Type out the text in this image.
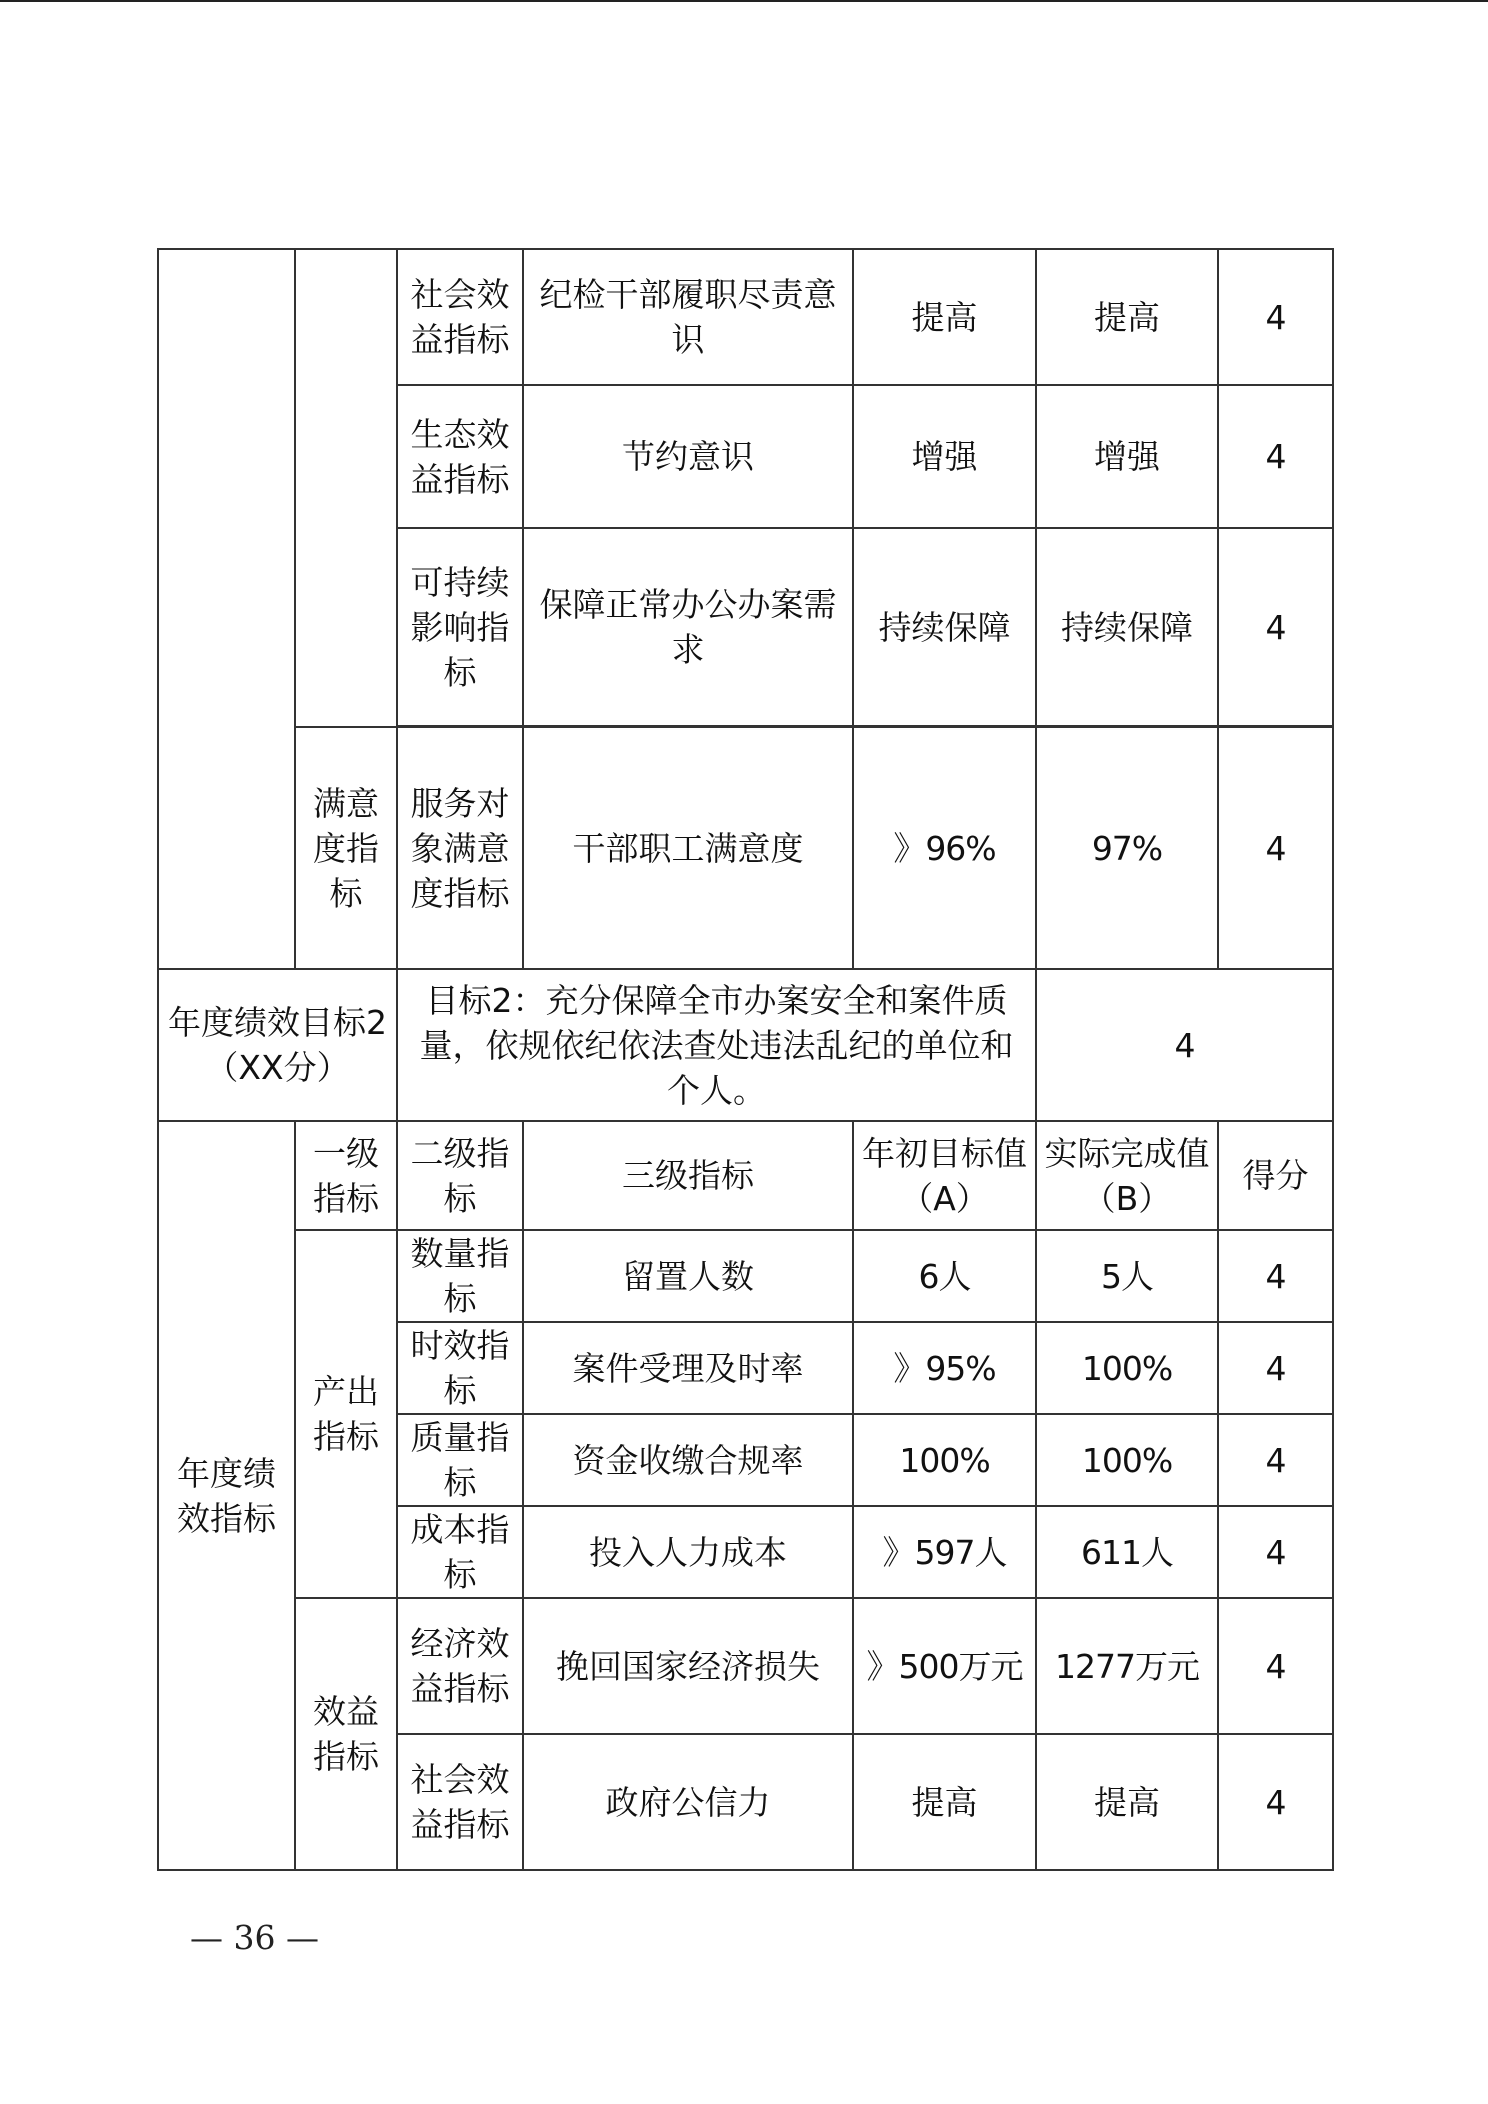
		社会效益指标	纪检干部履职尽责意识	提高	提高	4
		生态效益指标	节约意识	增强	增强	4
		可持续影响指标	保障正常办公办案需求	持续保障	持续保障	4

	满意度指标	服务对象满意度指标	干部职工满意度	》96%	97%	4
年度绩效目标2（XX分）		目标2：充分保障全市办案安全和案件质量，依规依纪依法查处违法乱纪的单位和个人。			4	
年度绩效指标	一级指标	二级指标	三级指标	年初目标值（A）	实际完成值（B）	得分
	产出指标	数量指标	留置人数	6人	5人	4
		时效指标	案件受理及时率	》95%	100%	4
		质量指标	资金收缴合规率	100%	100%	4
		成本指标	投入人力成本	》597人	611人	4
	效益指标	经济效益指标	挽回国家经济损失	》500万元	1277万元	4
		社会效益指标	政府公信力	提高	提高	4
— 36 —
